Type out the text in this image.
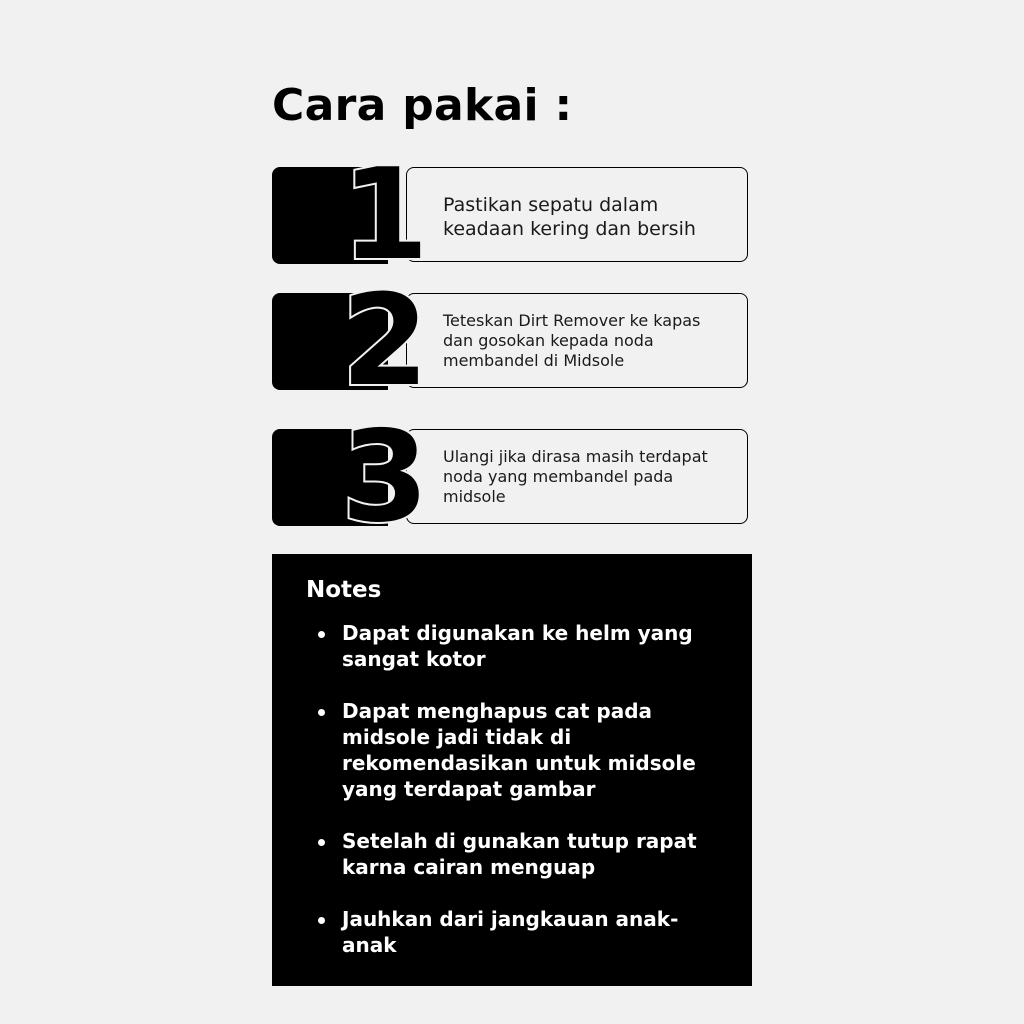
Cara pakai :
1 Pastikan sepatu dalam keadaan kering dan bersih

2 Teteskan Dirt Remover ke kapas dan gosokan kepada noda membandel di Midsole

3 Ulangi jika dirasa masih terdapat noda yang membandel pada midsole

Notes
Dapat digunakan ke helm yang sangat kotor
Dapat menghapus cat pada midsole jadi tidak di rekomendasikan untuk midsole yang terdapat gambar
Setelah di gunakan tutup rapat karna cairan menguap
Jauhkan dari jangkauan anak-anak
